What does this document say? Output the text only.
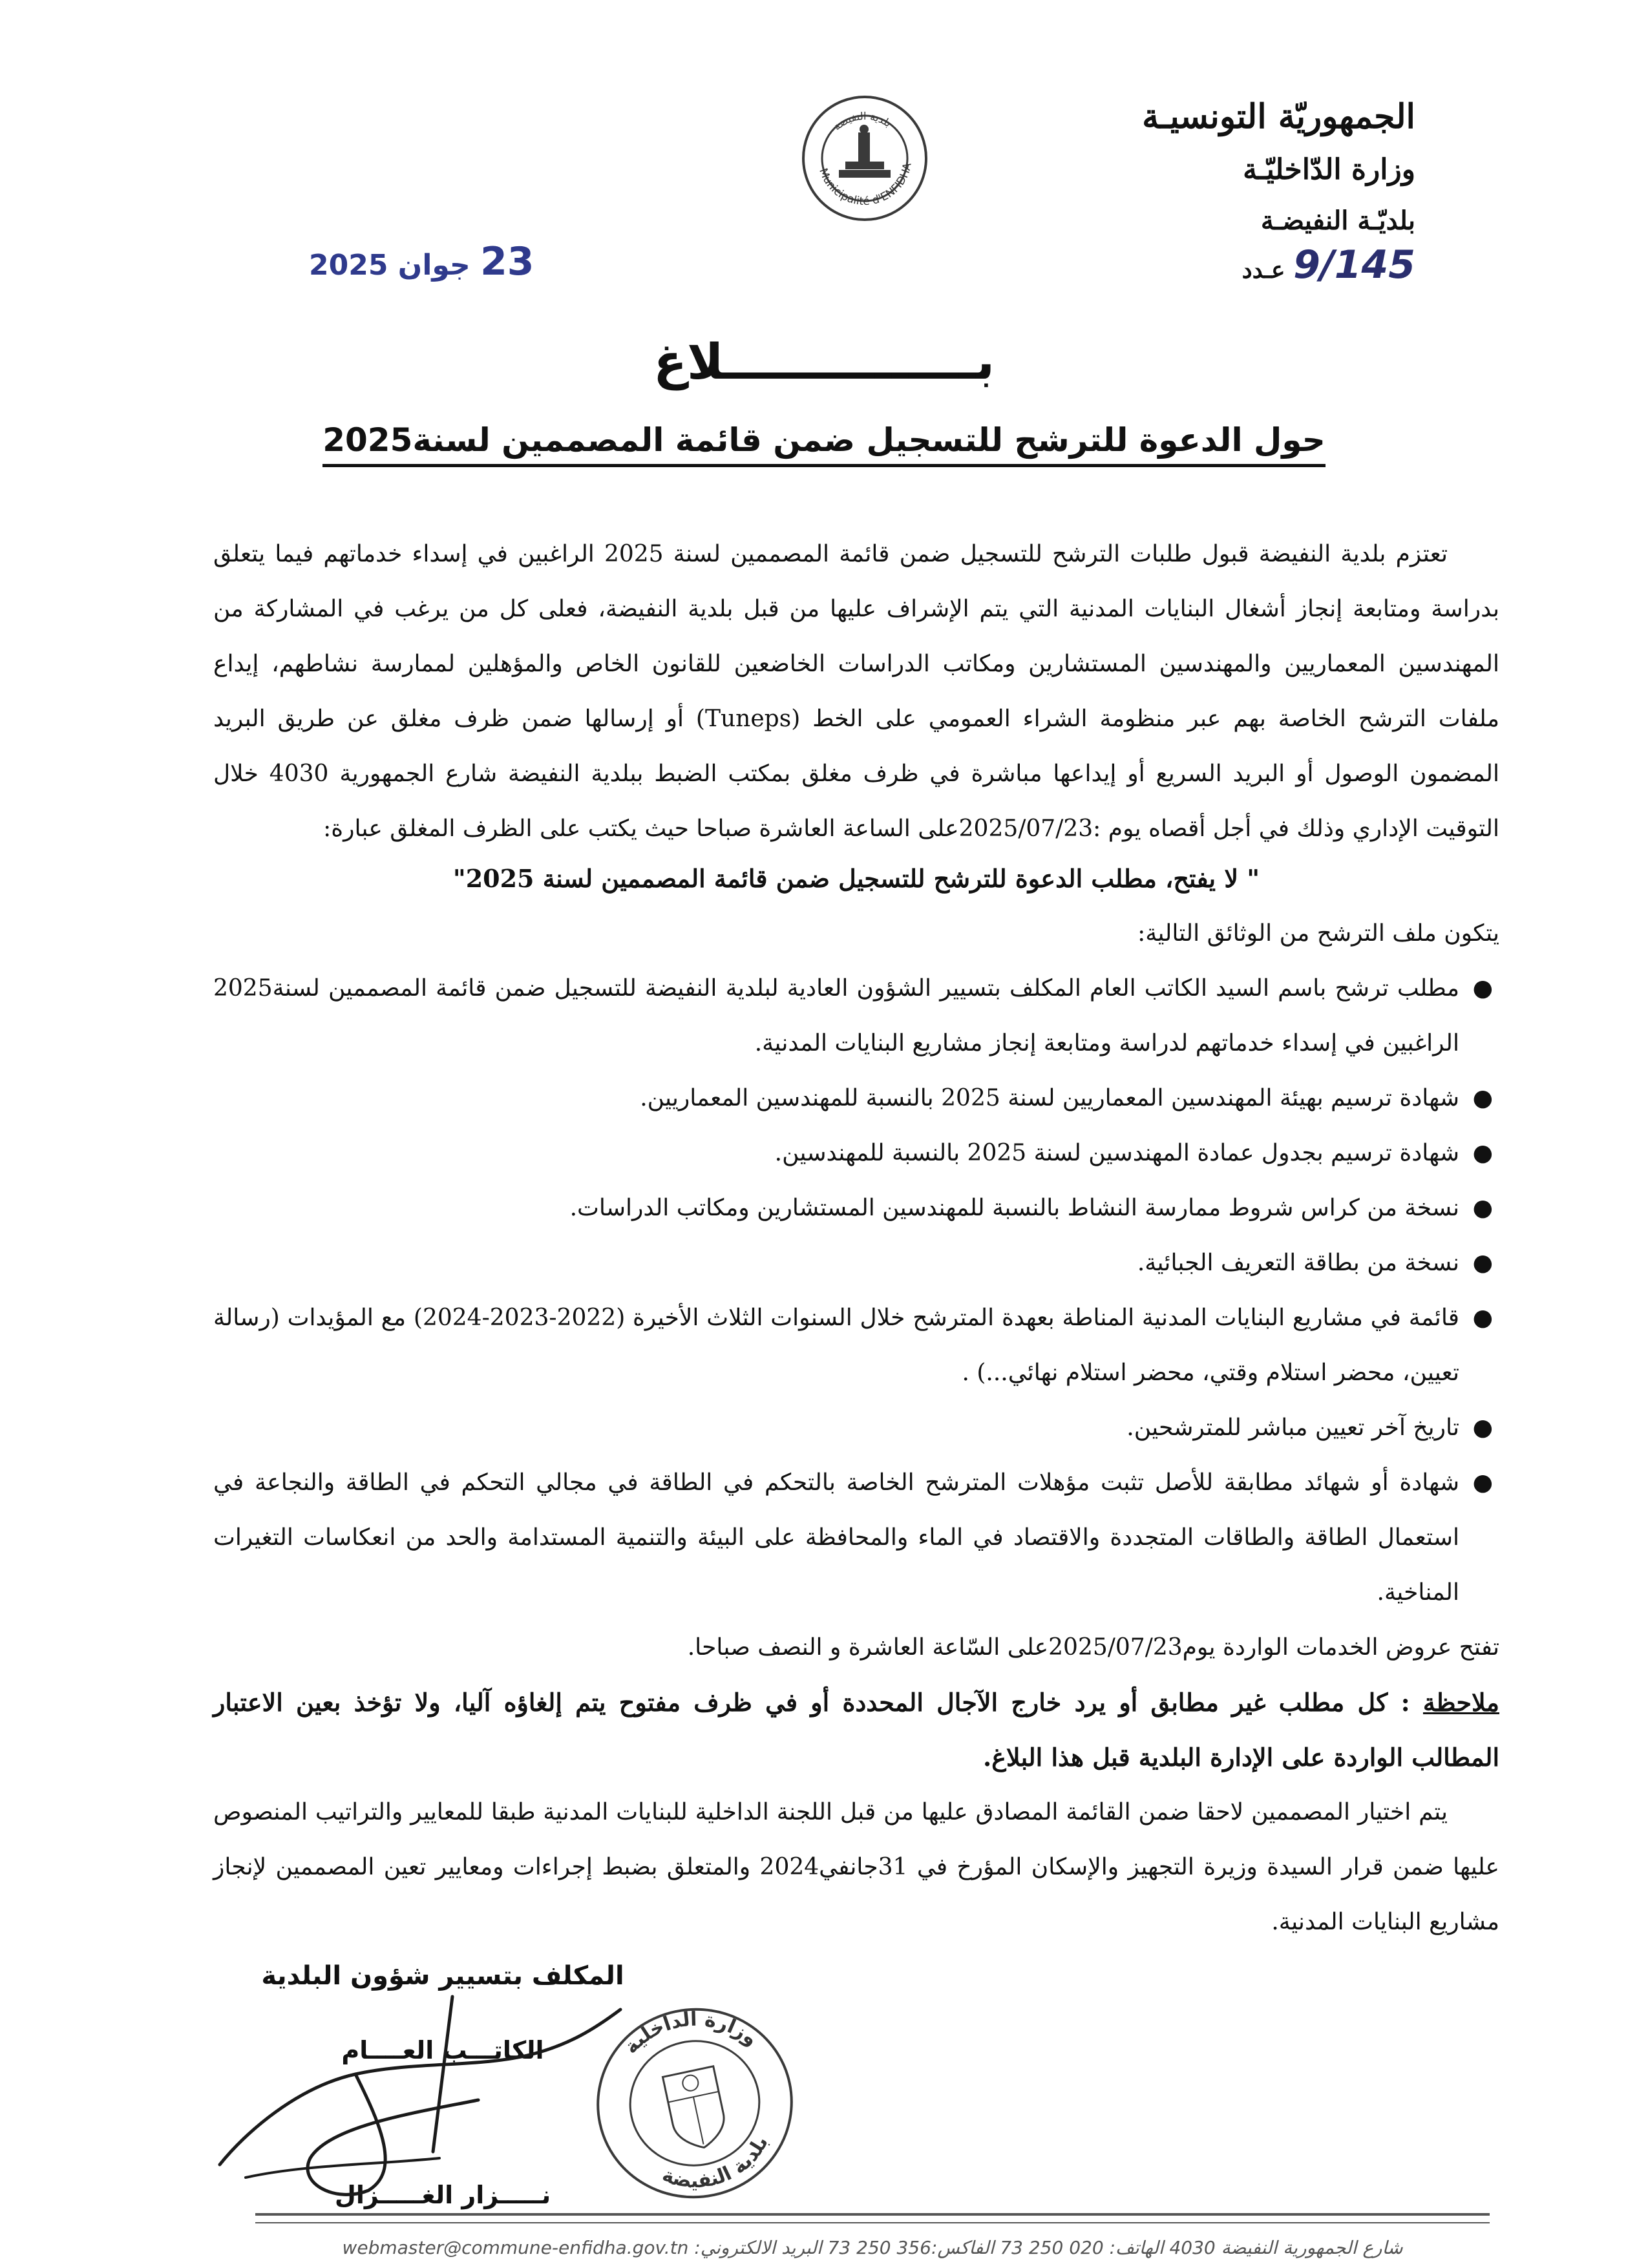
الجمهوريّة التونسيـة
وزارة الدّاخليّـة
بلديّـة النفيضـة
9/145 عـدد
Municipalité d'ENFIDHA
بلدية النفيضة
23 جوان 2025
بـــــــــــــــلاغ
حول الدعوة للترشح للتسجيل ضمن قائمة المصممين لسنة2025
تعتزم بلدية النفيضة قبول طلبات الترشح للتسجيل ضمن قائمة المصممين لسنة 2025 الراغبين في إسداء خدماتهم فيما يتعلق بدراسة ومتابعة إنجاز أشغال البنايات المدنية التي يتم الإشراف عليها من قبل بلدية النفيضة، فعلى كل من يرغب في المشاركة من المهندسين المعماريين والمهندسين المستشارين ومكاتب الدراسات الخاضعين للقانون الخاص والمؤهلين لممارسة نشاطهم، إيداع ملفات الترشح الخاصة بهم عبر منظومة الشراء العمومي على الخط (Tuneps) أو إرسالها ضمن ظرف مغلق عن طريق البريد المضمون الوصول أو البريد السريع أو إيداعها مباشرة في ظرف مغلق بمكتب الضبط ببلدية النفيضة شارع الجمهورية 4030 خلال التوقيت الإداري وذلك في أجل أقصاه يوم :2025/07/23على الساعة العاشرة صباحا حيث يكتب على الظرف المغلق عبارة:
" لا يفتح، مطلب الدعوة للترشح للتسجيل ضمن قائمة المصممين لسنة 2025"
يتكون ملف الترشح من الوثائق التالية:
●
مطلب ترشح باسم السيد الكاتب العام المكلف بتسيير الشؤون العادية لبلدية النفيضة للتسجيل ضمن قائمة المصممين لسنة2025 الراغبين في إسداء خدماتهم لدراسة ومتابعة إنجاز مشاريع البنايات المدنية.
●
شهادة ترسيم بهيئة المهندسين المعماريين لسنة 2025 بالنسبة للمهندسين المعماريين.
●
شهادة ترسيم بجدول عمادة المهندسين لسنة 2025 بالنسبة للمهندسين.
●
نسخة من كراس شروط ممارسة النشاط بالنسبة للمهندسين المستشارين ومكاتب الدراسات.
●
نسخة من بطاقة التعريف الجبائية.
●
قائمة في مشاريع البنايات المدنية المناطة بعهدة المترشح خلال السنوات الثلاث الأخيرة (2022-2023-2024) مع المؤيدات (رسالة تعيين، محضر استلام وقتي، محضر استلام نهائي...) .
●
تاريخ آخر تعيين مباشر للمترشحين.
●
شهادة أو شهائد مطابقة للأصل تثبت مؤهلات المترشح الخاصة بالتحكم في الطاقة في مجالي التحكم في الطاقة والنجاعة في استعمال الطاقة والطاقات المتجددة والاقتصاد في الماء والمحافظة على البيئة والتنمية المستدامة والحد من انعكاسات التغيرات المناخية.
تفتح عروض الخدمات الواردة يوم2025/07/23على السّاعة العاشرة و النصف صباحا.
ملاحظة : كل مطلب غير مطابق أو يرد خارج الآجال المحددة أو في ظرف مفتوح يتم إلغاؤه آليا، ولا تؤخذ بعين الاعتبار المطالب الواردة على الإدارة البلدية قبل هذا البلاغ.
يتم اختيار المصممين لاحقا ضمن القائمة المصادق عليها من قبل اللجنة الداخلية للبنايات المدنية طبقا للمعايير والتراتيب المنصوص عليها ضمن قرار السيدة وزيرة التجهيز والإسكان المؤرخ في 31جانفي2024 والمتعلق بضبط إجراءات ومعايير تعين المصممين لإنجاز مشاريع البنايات المدنية.
المكلف بتسيير شؤون البلدية
الكاتـــب العــــام
نـــــزار الغـــــزال
وزارة الداخلية
بلدية النفيضة
شارع الجمهورية النفيضة 4030 الهاتف: 020 250 73 الفاكس:356 250 73 البريد الالكتروني: webmaster@commune-enfidha.gov.tn
